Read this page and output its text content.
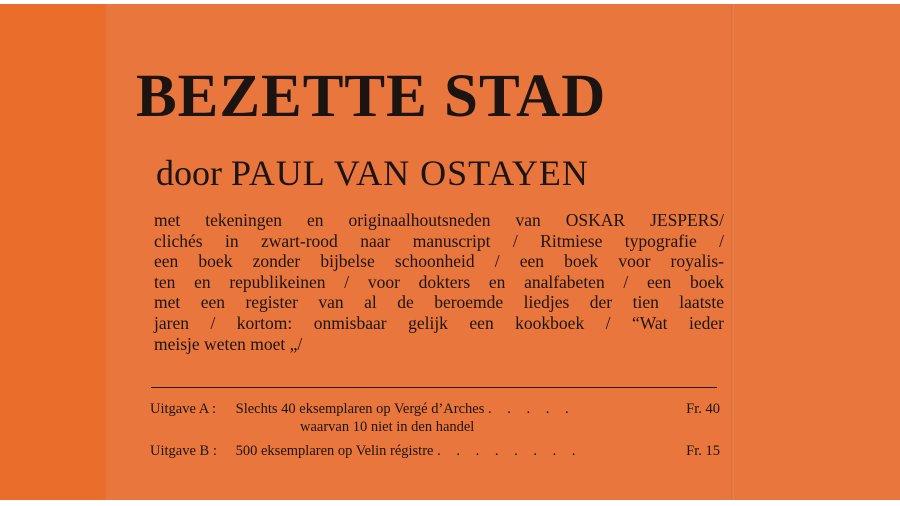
BEZETTE STAD
door PAUL VAN OSTAYEN
met tekeningen en originaalhoutsneden van OSKAR JESPERS/
clichés in zwart-rood naar manuscript / Ritmiese typografie /
een boek zonder bijbelse schoonheid / een boek voor royalis-
ten en republikeinen / voor dokters en analfabeten / een boek
met een register van al de beroemde liedjes der tien laatste
jaren / kortom: onmisbaar gelijk een kookboek / “Wat ieder
meisje weten moet „/
Uitgave A : Slechts 40 eksemplaren op Vergé d’Arches . . . . .	Fr. 40
waarvan 10 niet in den handel
Uitgave B : 500 eksemplaren op Velin régistre . . . . . . . .	Fr. 15
